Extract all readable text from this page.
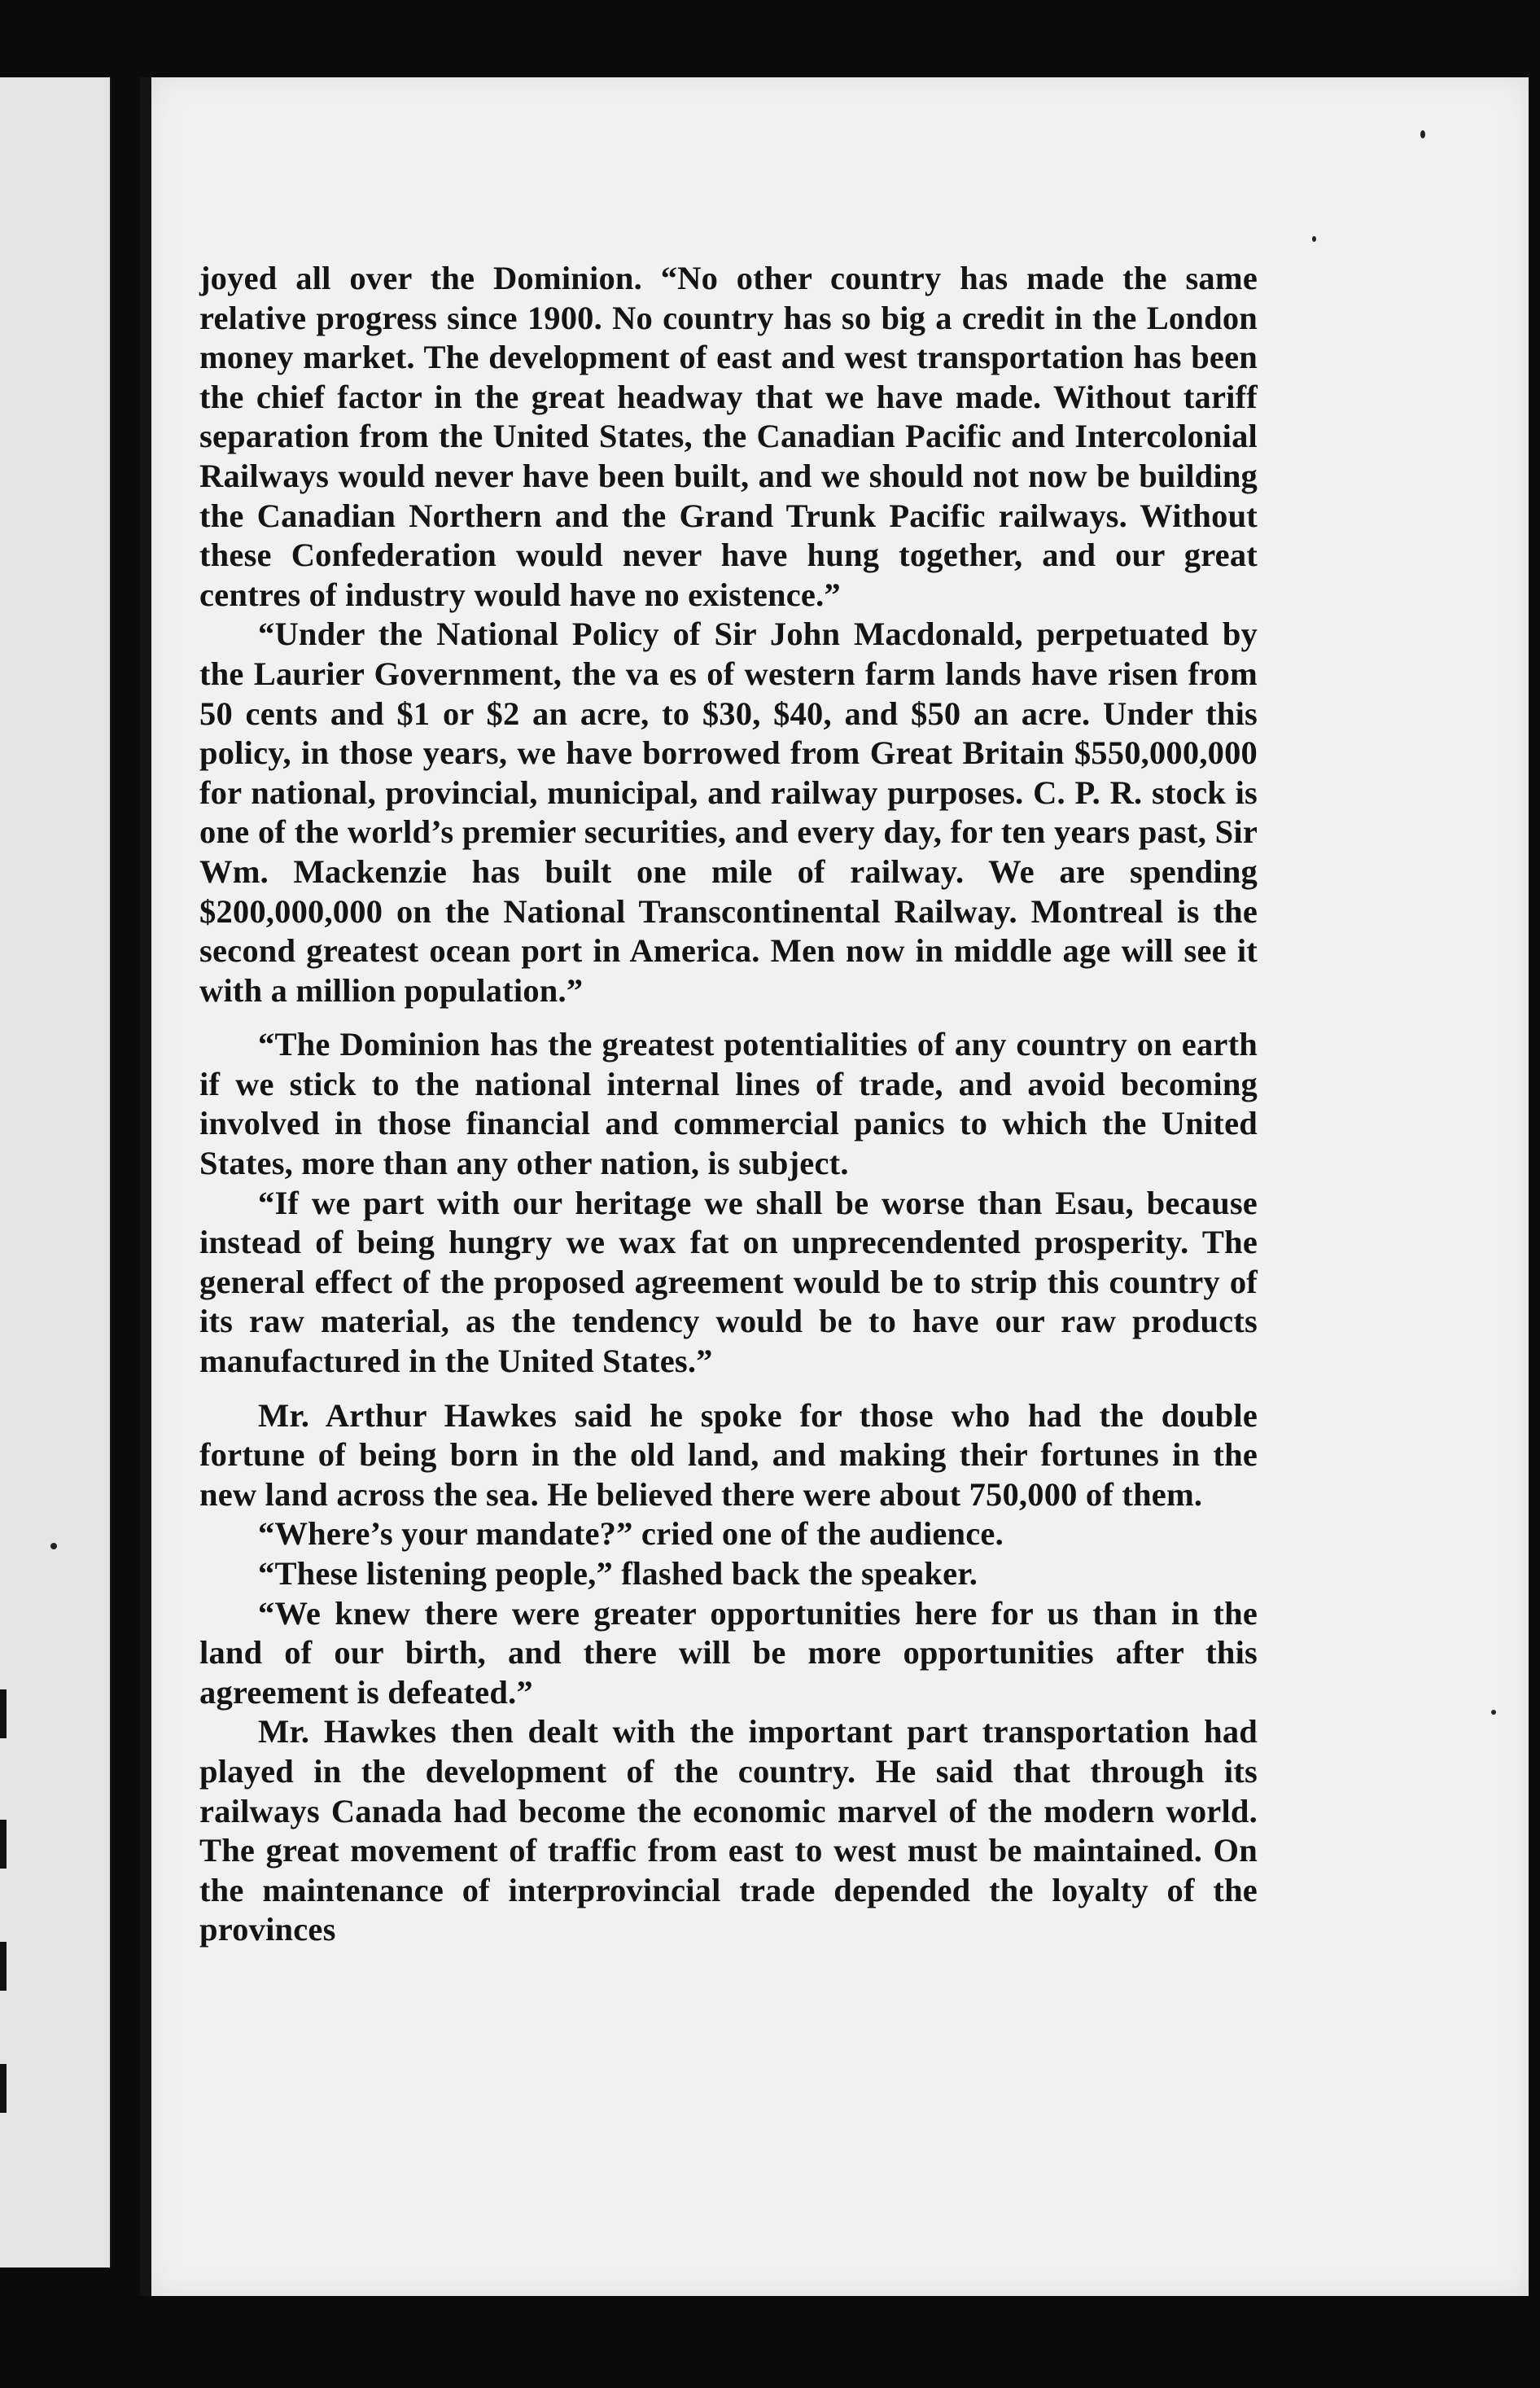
joyed all over the Dominion. “No other country has made the same relative progress since 1900. No country has so big a credit in the London money market. The development of east and west transportation has been the chief factor in the great headway that we have made. Without tariff separation from the United States, the Canadian Pacific and Intercolonial Railways would never have been built, and we should not now be building the Canadian Northern and the Grand Trunk Pacific railways. Without these Confederation would never have hung together, and our great centres of industry would have no existence.”

“Under the National Policy of Sir John Macdonald, perpetuated by the Laurier Government, the va es of western farm lands have risen from 50 cents and $1 or $2 an acre, to $30, $40, and $50 an acre. Under this policy, in those years, we have borrowed from Great Britain $550,000,000 for national, provincial, municipal, and railway purposes. C. P. R. stock is one of the world’s premier securities, and every day, for ten years past, Sir Wm. Mackenzie has built one mile of railway. We are spending $200,000,000 on the National Transcontinental Railway. Montreal is the second greatest ocean port in America. Men now in middle age will see it with a million population.”

“The Dominion has the greatest potentialities of any country on earth if we stick to the national internal lines of trade, and avoid becoming involved in those financial and commercial panics to which the United States, more than any other nation, is subject.

“If we part with our heritage we shall be worse than Esau, because instead of being hungry we wax fat on unprecendented prosperity. The general effect of the proposed agreement would be to strip this country of its raw material, as the tendency would be to have our raw products manufactured in the United States.”

Mr. Arthur Hawkes said he spoke for those who had the double fortune of being born in the old land, and making their fortunes in the new land across the sea. He believed there were about 750,000 of them.

“Where’s your mandate?” cried one of the audience.

“These listening people,” flashed back the speaker.

“We knew there were greater opportunities here for us than in the land of our birth, and there will be more opportunities after this agreement is defeated.”

Mr. Hawkes then dealt with the important part transportation had played in the development of the country. He said that through its railways Canada had become the economic marvel of the modern world. The great movement of traffic from east to west must be maintained. On the maintenance of interprovincial trade depended the loyalty of the provinces
